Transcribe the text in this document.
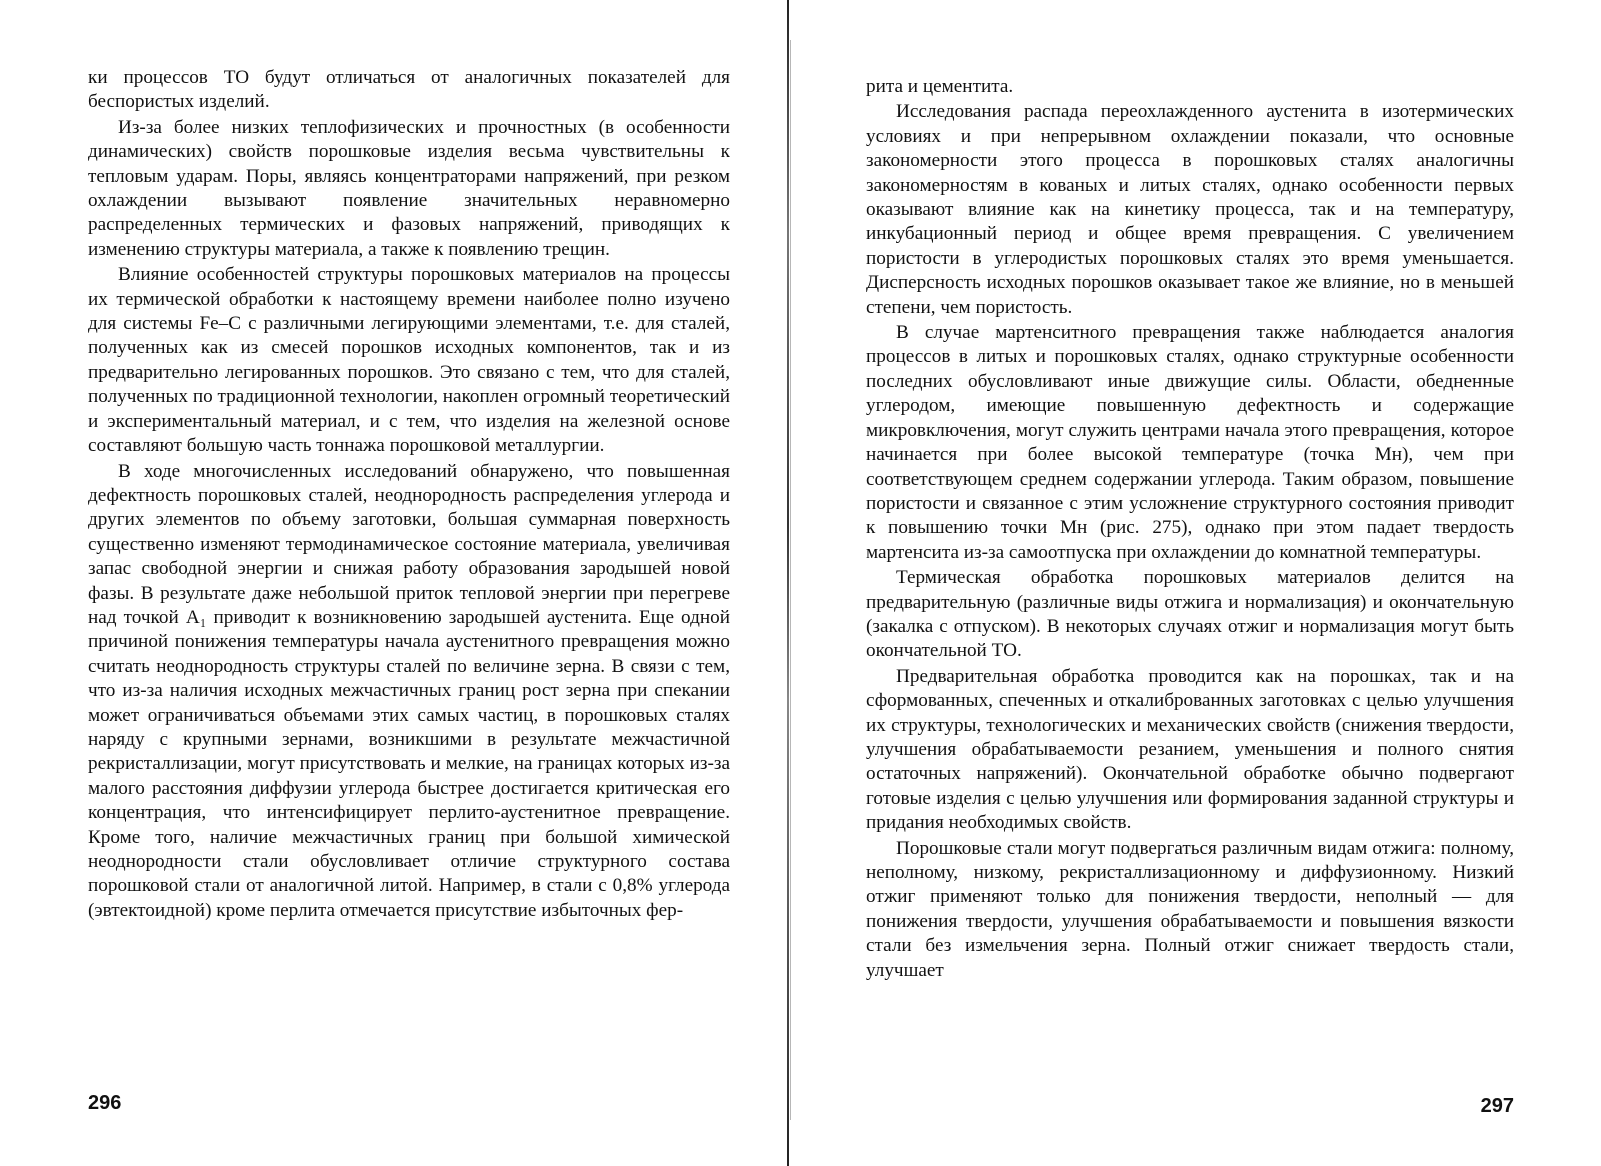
ки процессов ТО будут отличаться от аналогичных показателей для беспористых изделий.

Из-за более низких теплофизических и прочностных (в особенности динамических) свойств порошковые изделия весьма чувствительны к тепловым ударам. Поры, являясь концентраторами напряжений, при резком охлаждении вызывают появление значительных неравномерно распределенных термических и фазовых напряжений, приводящих к изменению структуры материала, а также к появлению трещин.

Влияние особенностей структуры порошковых материалов на процессы их термической обработки к настоящему времени наиболее полно изучено для системы Fe–C с различными легирующими элементами, т.е. для сталей, полученных как из смесей порошков исходных компонентов, так и из предварительно легированных порошков. Это связано с тем, что для сталей, полученных по традиционной технологии, накоплен огромный теоретический и экспериментальный материал, и с тем, что изделия на железной основе составляют большую часть тоннажа порошковой металлургии.

В ходе многочисленных исследований обнаружено, что повышенная дефектность порошковых сталей, неоднородность распределения углерода и других элементов по объему заготовки, большая суммарная поверхность существенно изменяют термодинамическое состояние материала, увеличивая запас свободной энергии и снижая работу образования зародышей новой фазы. В результате даже небольшой приток тепловой энергии при перегреве над точкой A₁ приводит к возникновению зародышей аустенита. Еще одной причиной понижения температуры начала аустенитного превращения можно считать неоднородность структуры сталей по величине зерна. В связи с тем, что из-за наличия исходных межчастичных границ рост зерна при спекании может ограничиваться объемами этих самых частиц, в порошковых сталях наряду с крупными зернами, возникшими в результате межчастичной рекристаллизации, могут присутствовать и мелкие, на границах которых из-за малого расстояния диффузии углерода быстрее достигается критическая его концентрация, что интенсифицирует перлито-аустенитное превращение. Кроме того, наличие межчастичных границ при большой химической неоднородности стали обусловливает отличие структурного состава порошковой стали от аналогичной литой. Например, в стали с 0,8% углерода (эвтектоидной) кроме перлита отмечается присутствие избыточных фер-

296

рита и цементита.

Исследования распада переохлажденного аустенита в изотермических условиях и при непрерывном охлаждении показали, что основные закономерности этого процесса в порошковых сталях аналогичны закономерностям в кованых и литых сталях, однако особенности первых оказывают влияние как на кинетику процесса, так и на температуру, инкубационный период и общее время превращения. С увеличением пористости в углеродистых порошковых сталях это время уменьшается. Дисперсность исходных порошков оказывает такое же влияние, но в меньшей степени, чем пористость.

В случае мартенситного превращения также наблюдается аналогия процессов в литых и порошковых сталях, однако структурные особенности последних обусловливают иные движущие силы. Области, обедненные углеродом, имеющие повышенную дефектность и содержащие микровключения, могут служить центрами начала этого превращения, которое начинается при более высокой температуре (точка Mн), чем при соответствующем среднем содержании углерода. Таким образом, повышение пористости и связанное с этим усложнение структурного состояния приводит к повышению точки Mн (рис. 275), однако при этом падает твердость мартенсита из-за самоотпуска при охлаждении до комнатной температуры.

Термическая обработка порошковых материалов делится на предварительную (различные виды отжига и нормализация) и окончательную (закалка с отпуском). В некоторых случаях отжиг и нормализация могут быть окончательной ТО.

Предварительная обработка проводится как на порошках, так и на сформованных, спеченных и откалиброванных заготовках с целью улучшения их структуры, технологических и механических свойств (снижения твердости, улучшения обрабатываемости резанием, уменьшения и полного снятия остаточных напряжений). Окончательной обработке обычно подвергают готовые изделия с целью улучшения или формирования заданной структуры и придания необходимых свойств.

Порошковые стали могут подвергаться различным видам отжига: полному, неполному, низкому, рекристаллизационному и диффузионному. Низкий отжиг применяют только для понижения твердости, неполный — для понижения твердости, улучшения обрабатываемости и повышения вязкости стали без измельчения зерна. Полный отжиг снижает твердость стали, улучшает

297
